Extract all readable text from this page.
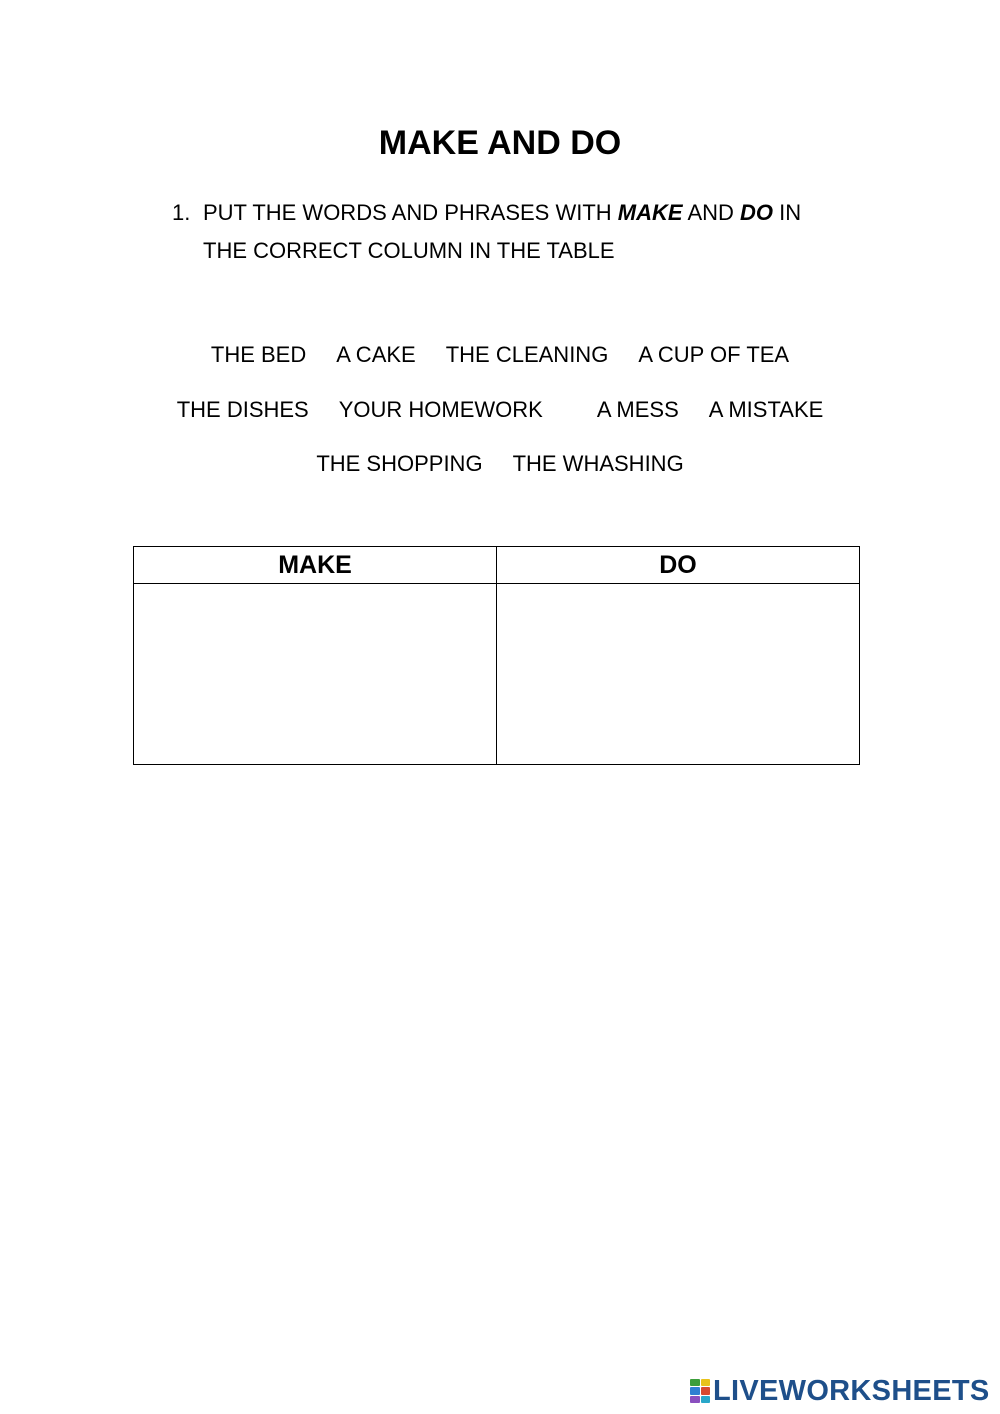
MAKE AND DO
1. PUT THE WORDS AND PHRASES WITH MAKE AND DO IN
THE CORRECT COLUMN IN THE TABLE
THE BED A CAKE THE CLEANING A CUP OF TEA
THE DISHES YOUR HOMEWORK A MESS A MISTAKE
THE SHOPPING THE WHASHING
MAKE	DO

LIVEWORKSHEETS
